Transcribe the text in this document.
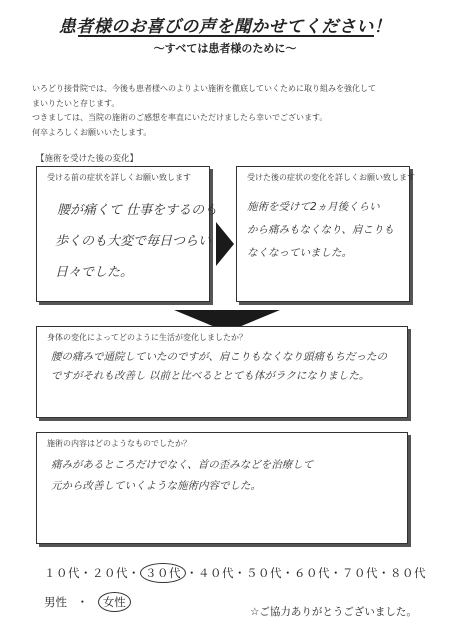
患者様のお喜びの声を聞かせてください！
～すべては患者様のために～
いろどり接骨院では、今後も患者様へのよりよい施術を徹底していくために取り組みを強化して
まいりたいと存じます。
つきましては、当院の施術のご感想を率直にいただけましたら幸いでございます。
何卒よろしくお願いいたします。
【施術を受けた後の変化】
受ける前の症状を詳しくお願い致します
腰が痛くて 仕事をするのも
歩くのも大変で毎日つらい
日々でした。
受けた後の症状の変化を詳しくお願い致します
施術を受けて2ヵ月後くらい
から痛みもなくなり、肩こりも
なくなっていました。
身体の変化によってどのように生活が変化しましたか？
腰の痛みで通院していたのですが、肩こりもなくなり頭痛もちだったの
ですがそれも改善し 以前と比べるととても体がラクになりました。
施術の内容はどのようなものでしたか？
痛みがあるところだけでなく、首の歪みなどを治療して
元から改善していくような施術内容でした。
１０代・２０代・ ３０代 ・４０代・５０代・６０代・７０代・８０代
男性 ・ 女性
☆ご協力ありがとうございました。
